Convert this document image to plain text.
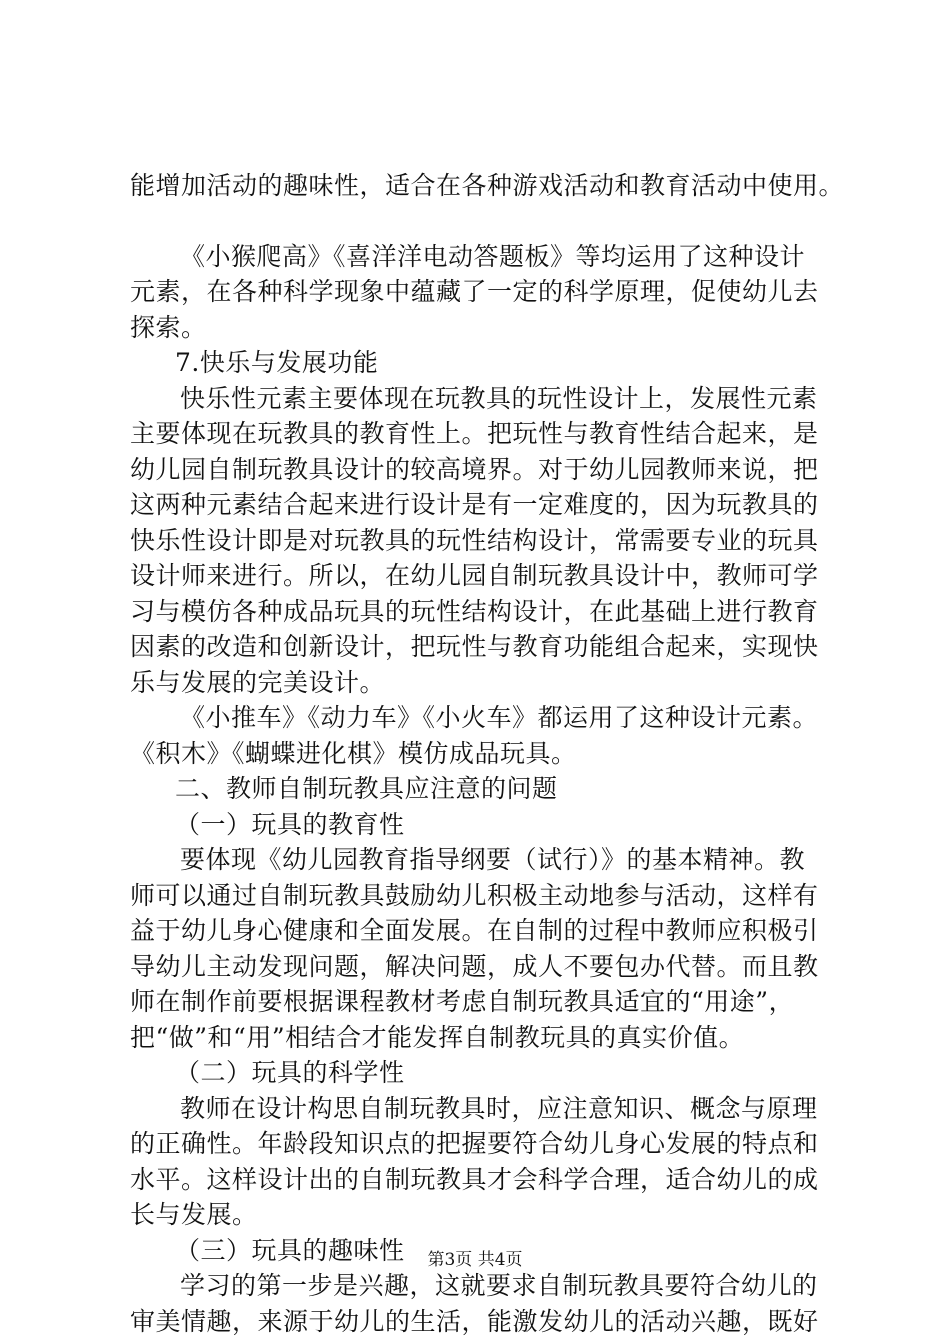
能增加活动的趣味性，适合在各种游戏活动和教育活动中使用。
《小猴爬高》《喜洋洋电动答题板》等均运用了这种设计
元素，在各种科学现象中蕴藏了一定的科学原理，促使幼儿去
探索。
7.快乐与发展功能
快乐性元素主要体现在玩教具的玩性设计上，发展性元素
主要体现在玩教具的教育性上。把玩性与教育性结合起来，是
幼儿园自制玩教具设计的较高境界。对于幼儿园教师来说，把
这两种元素结合起来进行设计是有一定难度的，因为玩教具的
快乐性设计即是对玩教具的玩性结构设计，常需要专业的玩具
设计师来进行。所以，在幼儿园自制玩教具设计中，教师可学
习与模仿各种成品玩具的玩性结构设计，在此基础上进行教育
因素的改造和创新设计，把玩性与教育功能组合起来，实现快
乐与发展的完美设计。
《小推车》《动力车》《小火车》都运用了这种设计元素。
《积木》《蝴蝶进化棋》模仿成品玩具。
二、教师自制玩教具应注意的问题
（一）玩具的教育性
要体现《幼儿园教育指导纲要（试行）》的基本精神。教
师可以通过自制玩教具鼓励幼儿积极主动地参与活动，这样有
益于幼儿身心健康和全面发展。在自制的过程中教师应积极引
导幼儿主动发现问题，解决问题，成人不要包办代替。而且教
师在制作前要根据课程教材考虑自制玩教具适宜的“用途”，
把“做”和“用”相结合才能发挥自制教玩具的真实价值。
（二）玩具的科学性
教师在设计构思自制玩教具时，应注意知识、概念与原理
的正确性。年龄段知识点的把握要符合幼儿身心发展的特点和
水平。这样设计出的自制玩教具才会科学合理，适合幼儿的成
长与发展。
（三）玩具的趣味性
学习的第一步是兴趣，这就要求自制玩教具要符合幼儿的
审美情趣，来源于幼儿的生活，能激发幼儿的活动兴趣，既好
第3页 共4页
